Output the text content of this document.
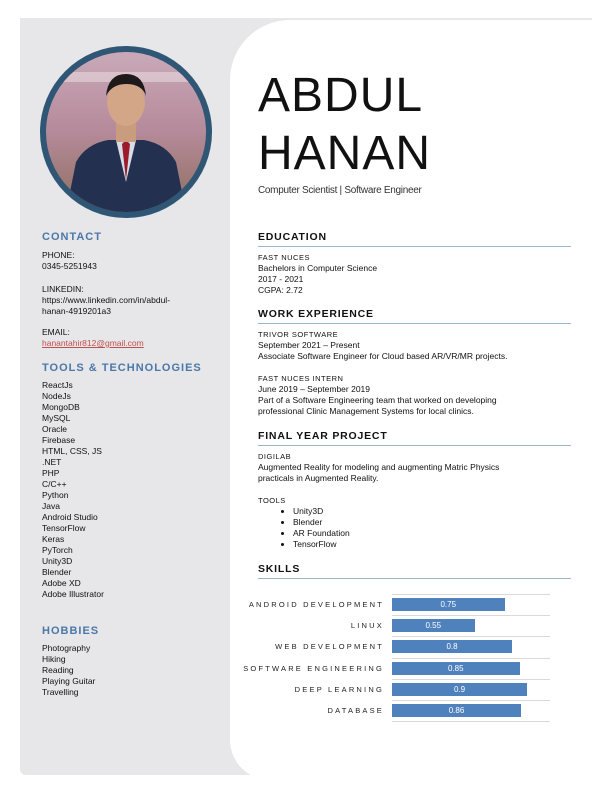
ABDUL
HANAN
Computer Scientist | Software Engineer
CONTACT
PHONE:
0345-5251943
LINKEDIN:
https://www.linkedin.com/in/abdul-
hanan-4919201a3
EMAIL:
hanantahir812@gmail.com
TOOLS & TECHNOLOGIES
ReactJs
NodeJs
MongoDB
MySQL
Oracle
Firebase
HTML, CSS, JS
.NET
PHP
C/C++
Python
Java
Android Studio
TensorFlow
Keras
PyTorch
Unity3D
Blender
Adobe XD
Adobe Illustrator
HOBBIES
Photography
Hiking
Reading
Playing Guitar
Travelling
EDUCATION
FAST NUCES
Bachelors in Computer Science
2017 - 2021
CGPA: 2.72
WORK EXPERIENCE
TRIVOR SOFTWARE
September 2021 – Present
Associate Software Engineer for Cloud based AR/VR/MR projects.
FAST NUCES INTERN
June 2019 – September 2019
Part of a Software Engineering team that worked on developing
professional Clinic Management Systems for local clinics.
FINAL YEAR PROJECT
DIGILAB
Augmented Reality for modeling and augmenting Matric Physics
practicals in Augmented Reality.
TOOLS
• Unity3D
• Blender
• AR Foundation
• TensorFlow
SKILLS
ANDROID DEVELOPMENT	0.75
LINUX	0.55
WEB DEVELOPMENT	0.8
SOFTWARE ENGINEERING	0.85
DEEP LEARNING	0.9
DATABASE	0.86
